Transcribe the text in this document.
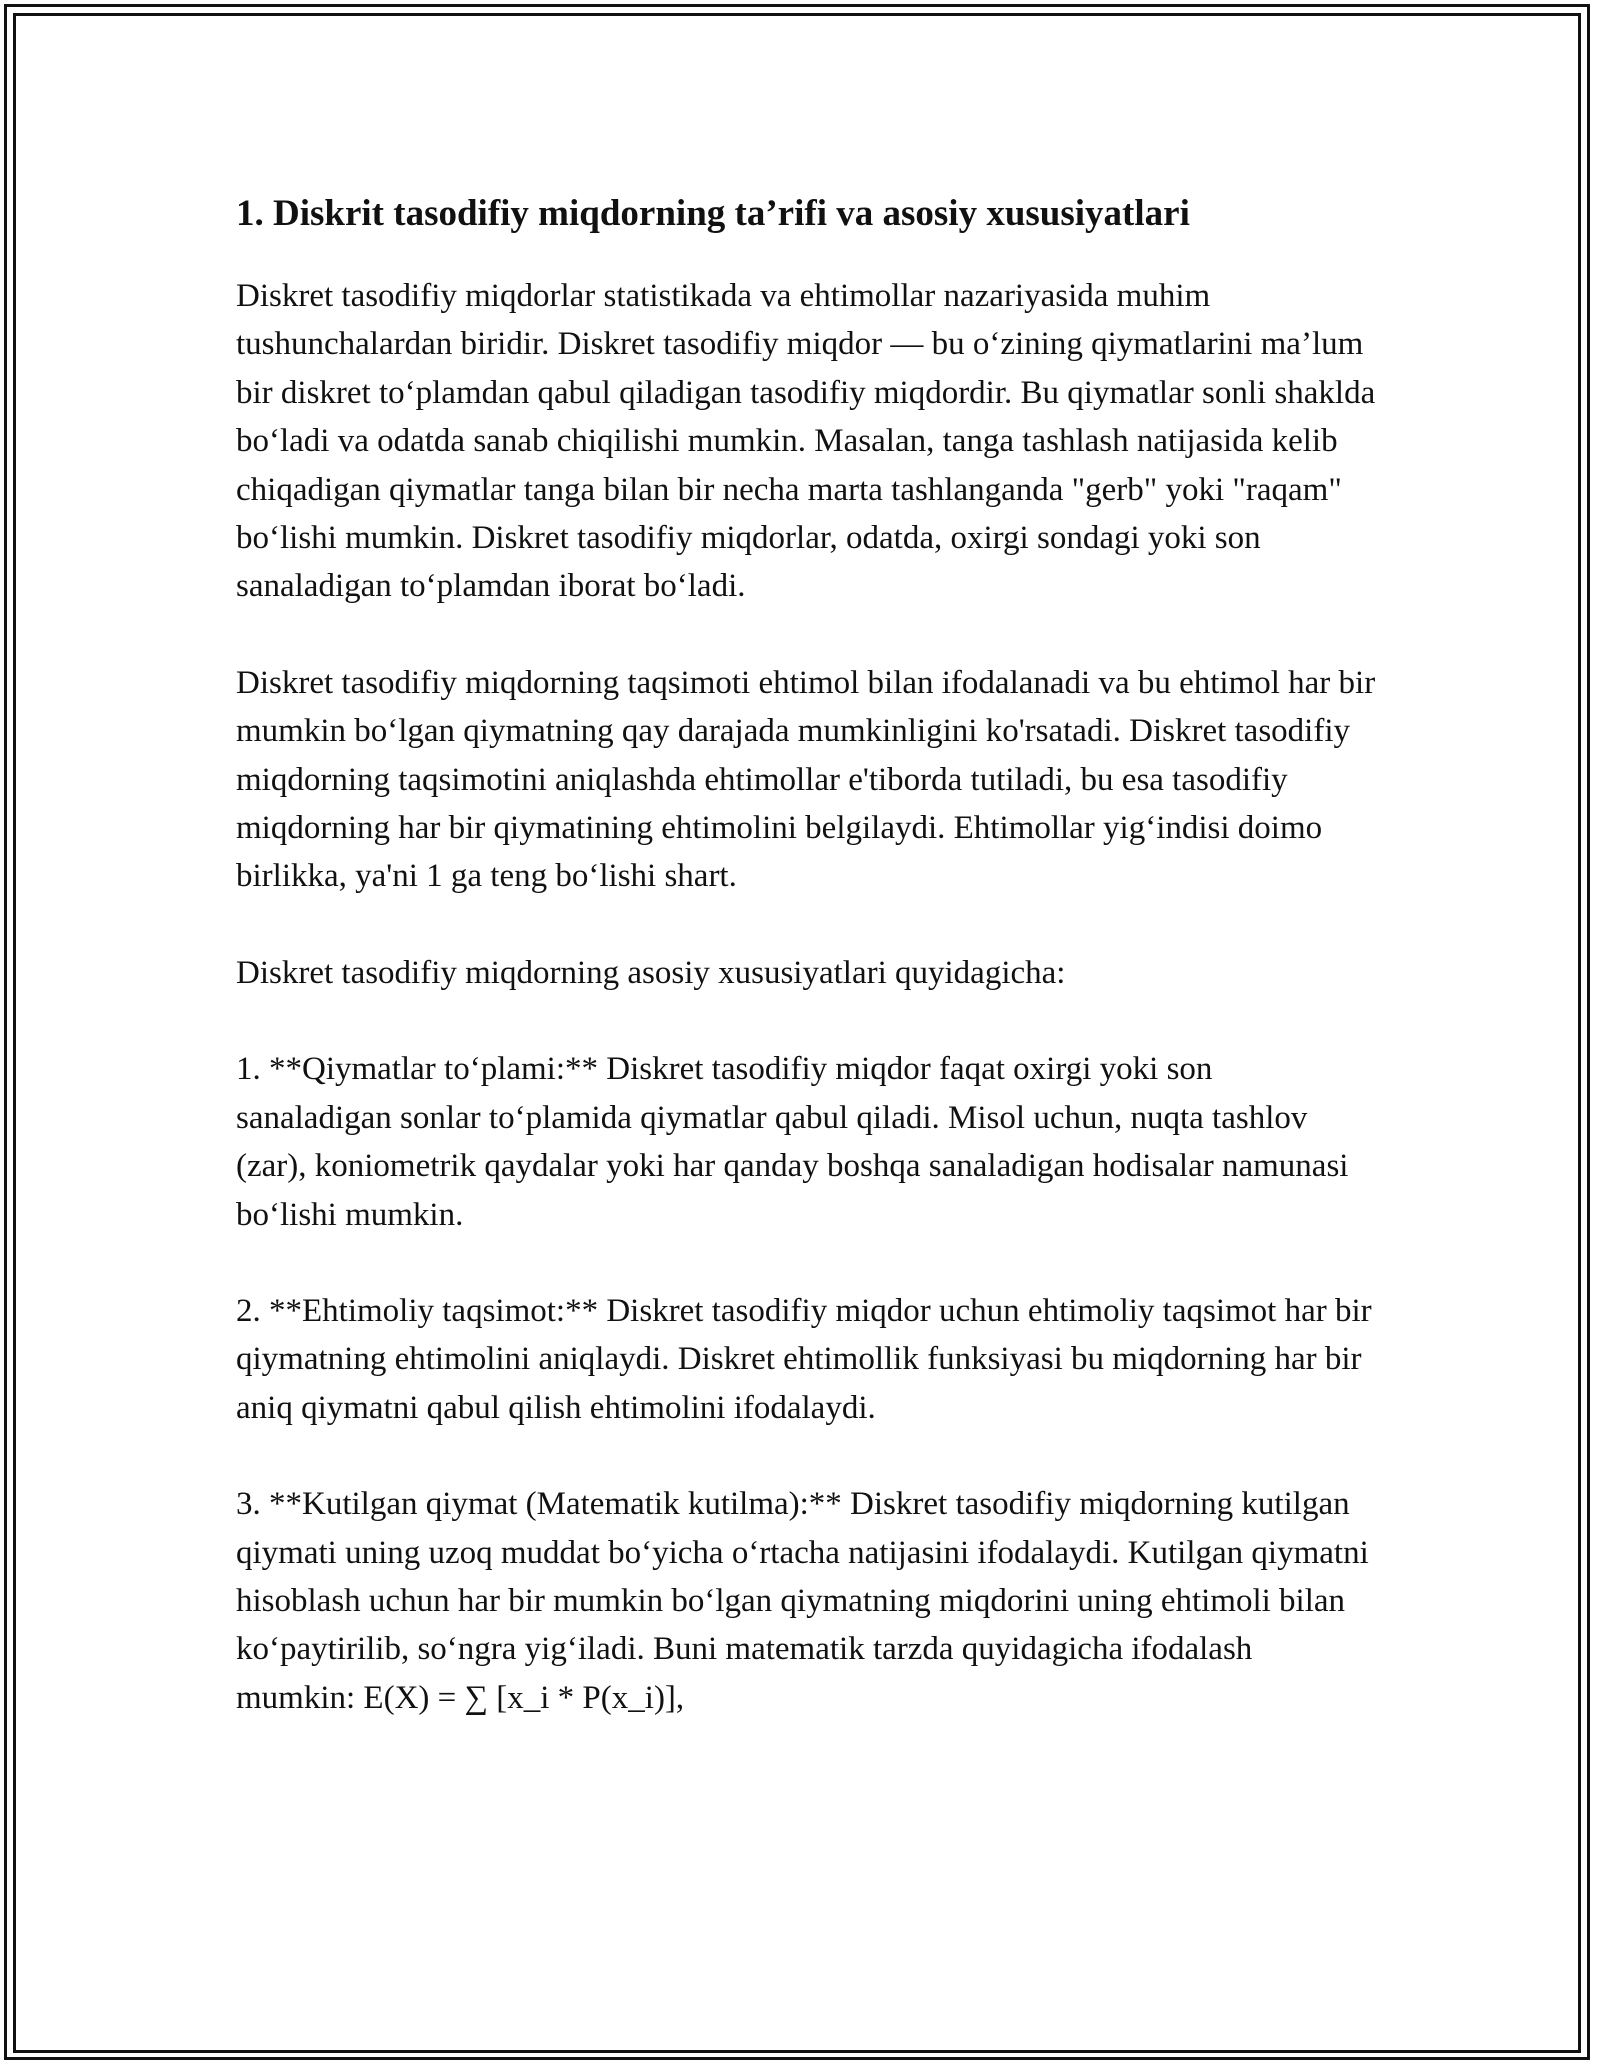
1. Diskrit tasodifiy miqdorning ta’rifi va asosiy xususiyatlari

Diskret tasodifiy miqdorlar statistikada va ehtimollar nazariyasida muhim tushunchalardan biridir. Diskret tasodifiy miqdor — bu o‘zining qiymatlarini ma’lum bir diskret to‘plamdan qabul qiladigan tasodifiy miqdordir. Bu qiymatlar sonli shaklda bo‘ladi va odatda sanab chiqilishi mumkin. Masalan, tanga tashlash natijasida kelib chiqadigan qiymatlar tanga bilan bir necha marta tashlanganda "gerb" yoki "raqam" bo‘lishi mumkin. Diskret tasodifiy miqdorlar, odatda, oxirgi sondagi yoki son sanaladigan to‘plamdan iborat bo‘ladi.

Diskret tasodifiy miqdorning taqsimoti ehtimol bilan ifodalanadi va bu ehtimol har bir mumkin bo‘lgan qiymatning qay darajada mumkinligini ko'rsatadi. Diskret tasodifiy miqdorning taqsimotini aniqlashda ehtimollar e'tiborda tutiladi, bu esa tasodifiy miqdorning har bir qiymatining ehtimolini belgilaydi. Ehtimollar yig‘indisi doimo birlikka, ya'ni 1 ga teng bo‘lishi shart.

Diskret tasodifiy miqdorning asosiy xususiyatlari quyidagicha:

1. **Qiymatlar to‘plami:** Diskret tasodifiy miqdor faqat oxirgi yoki son sanaladigan sonlar to‘plamida qiymatlar qabul qiladi. Misol uchun, nuqta tashlov (zar), koniometrik qaydalar yoki har qanday boshqa sanaladigan hodisalar namunasi bo‘lishi mumkin.

2. **Ehtimoliy taqsimot:** Diskret tasodifiy miqdor uchun ehtimoliy taqsimot har bir qiymatning ehtimolini aniqlaydi. Diskret ehtimollik funksiyasi bu miqdorning har bir aniq qiymatni qabul qilish ehtimolini ifodalaydi.

3. **Kutilgan qiymat (Matematik kutilma):** Diskret tasodifiy miqdorning kutilgan qiymati uning uzoq muddat bo‘yicha o‘rtacha natijasini ifodalaydi. Kutilgan qiymatni hisoblash uchun har bir mumkin bo‘lgan qiymatning miqdorini uning ehtimoli bilan ko‘paytirilib, so‘ngra yig‘iladi. Buni matematik tarzda quyidagicha ifodalash mumkin: E(X) = ∑ [x_i * P(x_i)],
